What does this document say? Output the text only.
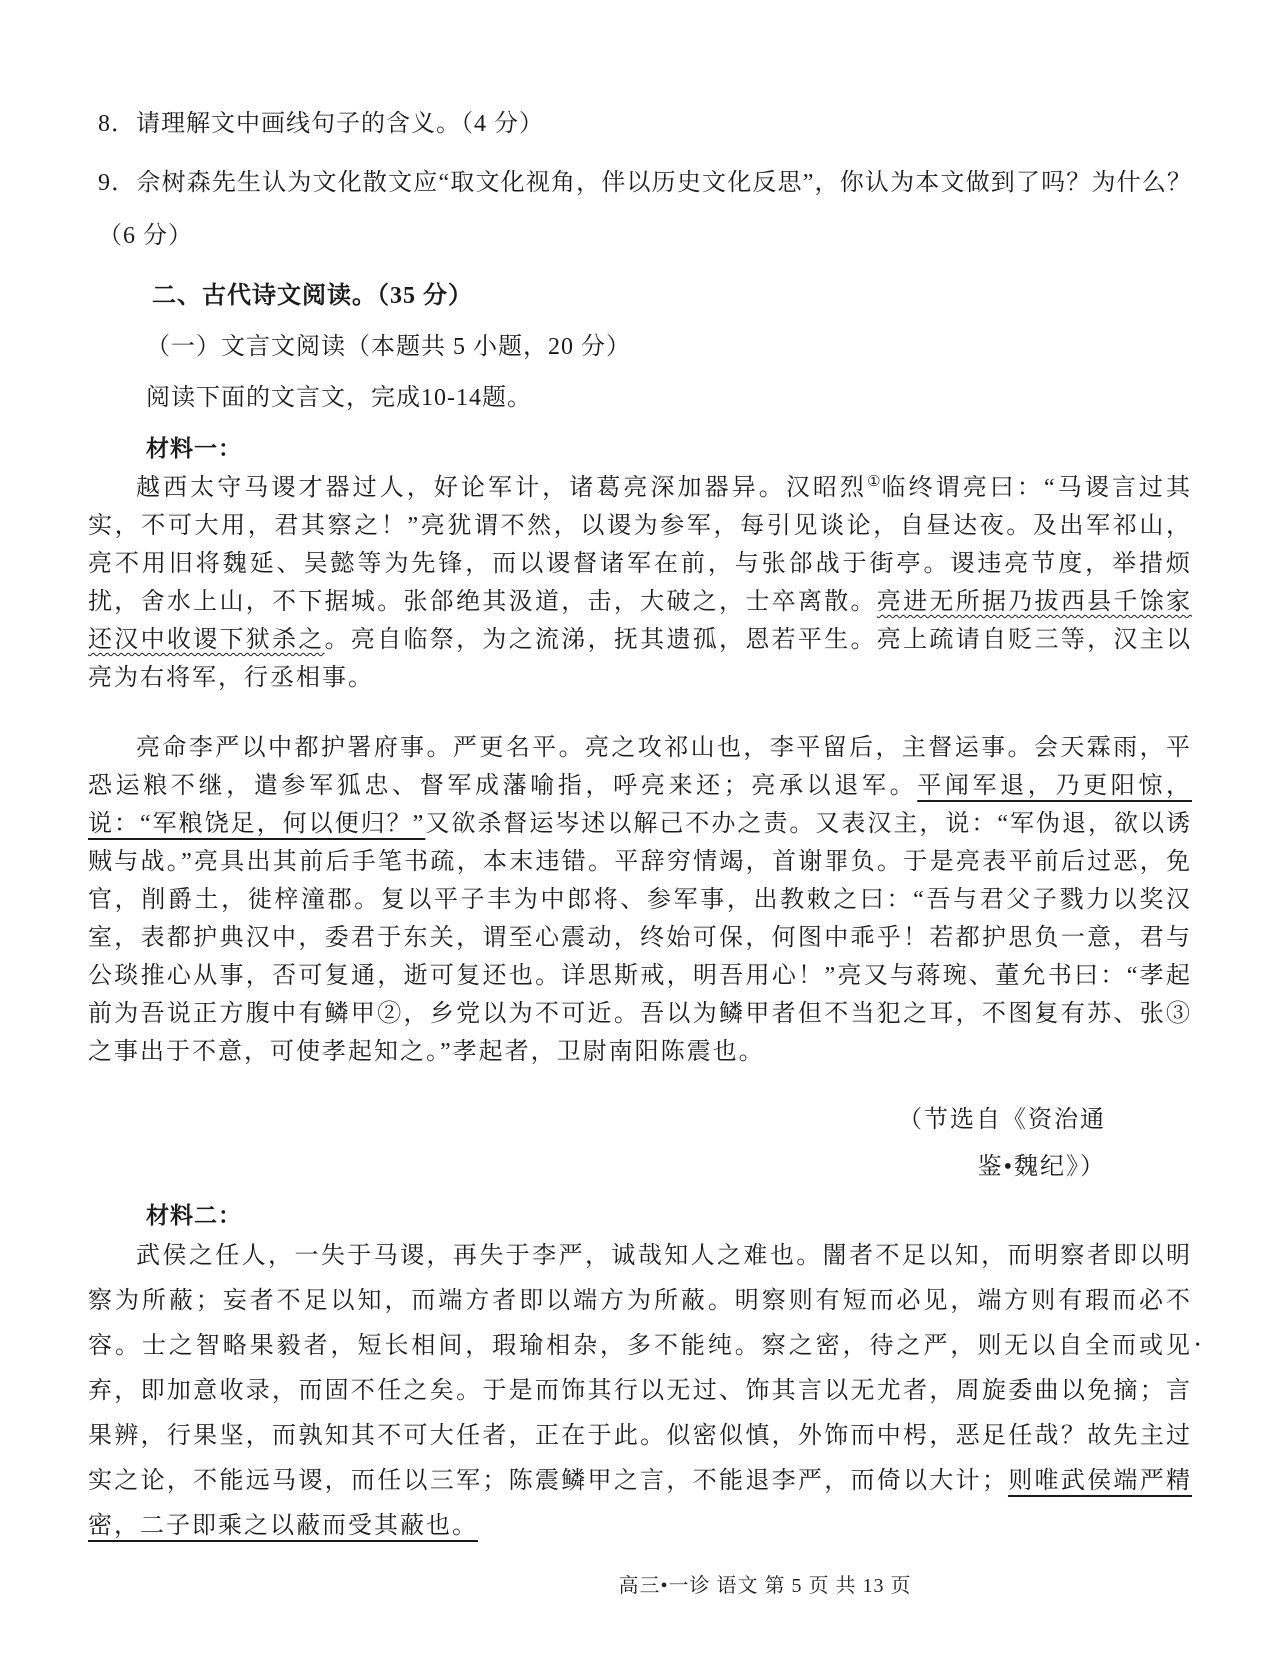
8．请理解文中画线句子的含义。（4 分）
9．佘树森先生认为文化散文应“取文化视角，伴以历史文化反思”，你认为本文做到了吗？为什么？（6 分）
二、古代诗文阅读。（35 分）
（一）文言文阅读（本题共 5 小题，20 分）
阅读下面的文言文，完成10-14题。
材料一：

越西太守马谡才器过人，好论军计，诸葛亮深加器异。汉昭烈①临终谓亮曰：“马谡言过其实，不可大用，君其察 •之！”亮犹谓不然，以谡为参军，每引见谈论，自昼达夜。及出军祁山，亮不用旧将魏延、吴懿等为先锋，而以谡督诸军在前，与张郃战于街亭。谡违亮节度，举措烦扰，舍水上山，不下据城。张郃绝其汲道，击，大破之，士卒离散。亮进无所据乃拔西县千馀家还汉中收谡下狱杀之。亮自临祭，为之流涕，抚其遗孤，恩若平生。亮上疏请自贬三等，汉主以亮为右将军，行丞相事。

亮命李严以中都护署府事。严更名平。亮之攻祁山也，李平留后，主督运事。会天霖雨，平恐运粮不继，遣参军狐忠、督军成藩喻指，呼亮来还；亮承以退军。平闻军退，乃更阳惊，说：“军粮饶足，何以便归？”又欲杀督运岑述以解己不办之责。又表汉主，说：“军伪退，欲以诱贼与战。”亮具出其前后手笔书疏，本末违错。平辞穷情竭，首谢罪负。于是亮表平前后过恶，免官，削爵土，徙梓潼郡。复以平子丰为中郎将、参军事，出教敕之曰：“吾与君父子戮力以奖汉室，表都护典汉中，委君于东关，谓至心震动，终始可保，何图中乖乎！若都护思负一意，君与公琰推心从事，否可复通，逝可复还也。详思斯戒，明吾用心！”亮又与蒋琬、董允书曰：“孝起前为吾说正方腹中有鳞甲②，乡党以为不可近。吾以为鳞甲者但不当犯之耳，不图 •复有苏、张③之事出于不意，可使孝起知之。”孝起者，卫尉南阳陈震也。

（节选自《资治通
鉴•魏纪》）
材料二：

武侯之任人，一失于马谡，再失于李严，诚哉知人之难也。闇者不足以知，而明察者即以明察为所蔽；妄者不足以知，而端方者即以端方为所蔽。明察则有短而必见，端方则有瑕而必不容。士之智略果毅者，短长相间，瑕瑜相杂，多不能纯。察之密，待之严，则无以自全而或见 •弃，即加意收录，而固不任之矣。于是而饰其行以无过、饰其言以无尤者，周旋委曲以免摘；言果辨，行果坚，而孰知其不可大任者，正在于此。似密似慎，外饰而中枵，恶 •足任哉？故先主过实之论，不能远马谡，而任以三军；陈震鳞甲之言，不能退李严，而倚以大计；则唯武侯端严精密，二子即乘之以蔽而受其蔽也。

高三•一诊 语文 第 5 页 共 13 页
